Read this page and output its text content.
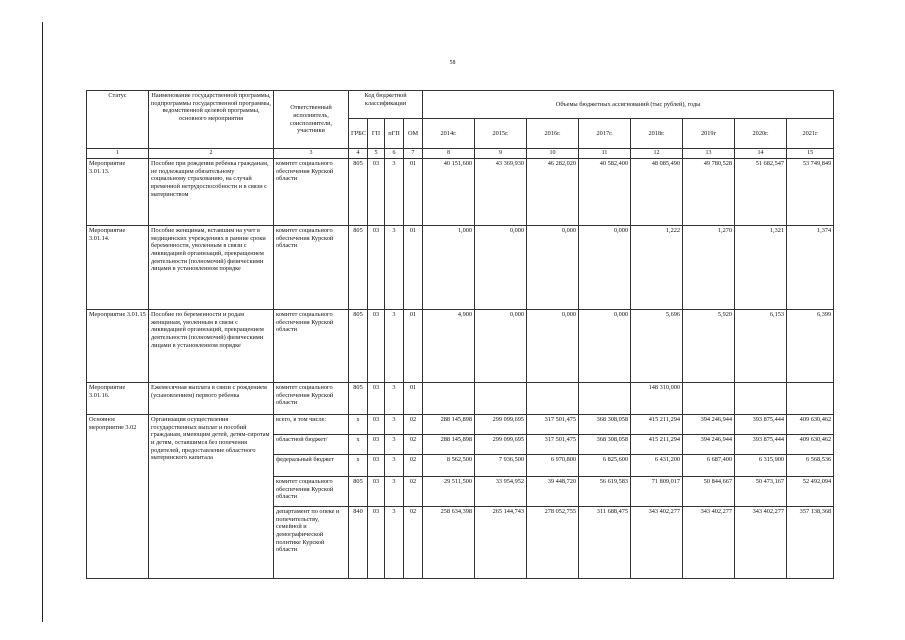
58
Статус	Наименование государственной программы, подпрограммы государственной программы, ведомственной целевой программы, основного мероприятия	Ответственный исполнитель, соисполнители, участники	Код бюджетной классификации				Объемы бюджетных ассигнований (тыс рублей), годы							
			ГРБС	ГП	пГП	ОМ	2014г.	2015г.	2016г.	2017г.	2018г.	2019г	2020г.	2021г
1	2	3	4	5	6	7	8	9	10	11	12	13	14	15
Мероприятие 3.01.13.	Пособие при рождении ребенка гражданам, не подлежащим обязательному социальному страхованию, на случай временной нетрудоспособности и в связи с материнством	комитет социального обеспечения Курской области	805	03	3	01	40 151,600	43 369,930	46 282,020	40 582,400	48 085,490	49 780,528	51 682,547	53 749,849
Мероприятие 3.01.14.	Пособие женщинам, вставшим на учет в медицинских учреждениях в ранние сроки беременности, уволенным в связи с ликвидацией организаций, прекращением деятельности (полномочий) физическими лицами в установленном порядке	комитет социального обеспечения Курской области	805	03	3	01	1,000	0,000	0,000	0,000	1,222	1,270	1,321	1,374
Мероприятие 3.01.15	Пособие по беременности и родам женщинам, уволенным в связи с ликвидацией организаций, прекращением деятельности (полномочий) физическими лицами в установленном порядке	комитет социального обеспечения Курской области	805	03	3	01	4,900	0,000	0,000	0,000	5,696	5,920	6,153	6,399
Мероприятие 3.01.16.	Ежемесячная выплата в связи с рождением (усыновлением) первого ребенка	комитет социального обеспечения Курской области	805	03	3	01					148 310,000			
Основное мероприятие 3.02	Организация осуществления государственных выплат и пособий гражданам, имеющим детей, детям-сиротам и детям, оставшимся без попечения родителей, предоставление областного материнского капитала	всего, в том числе:	х	03	3	02	288 145,898	299 099,695	317 501,475	368 308,058	415 211,294	394 246,944	393 875,444	409 630,462
		областной бюджет/	х	03	3	02	288 145,898	299 099,695	317 501,475	368 308,058	415 211,294	394 246,944	393 875,444	409 630,462
		федеральный бюджет	х	03	3	02	8 562,500	7 936,500	6 970,800	6 825,600	6 431,200	6 687,400	6 315,900	6 568,536
		комитет социального обеспечения Курской области	805	03	3	02	29 511,500	33 954,952	39 448,720	56 619,583	71 809,017	50 844,667	50 473,167	52 492,094
		департамент по опеке и попечительству, семейной и демографической политике Курской области	840	03	3	02	258 634,398	265 144,743	278 052,755	311 688,475	343 402,277	343 402,277	343 402,277	357 138,368
